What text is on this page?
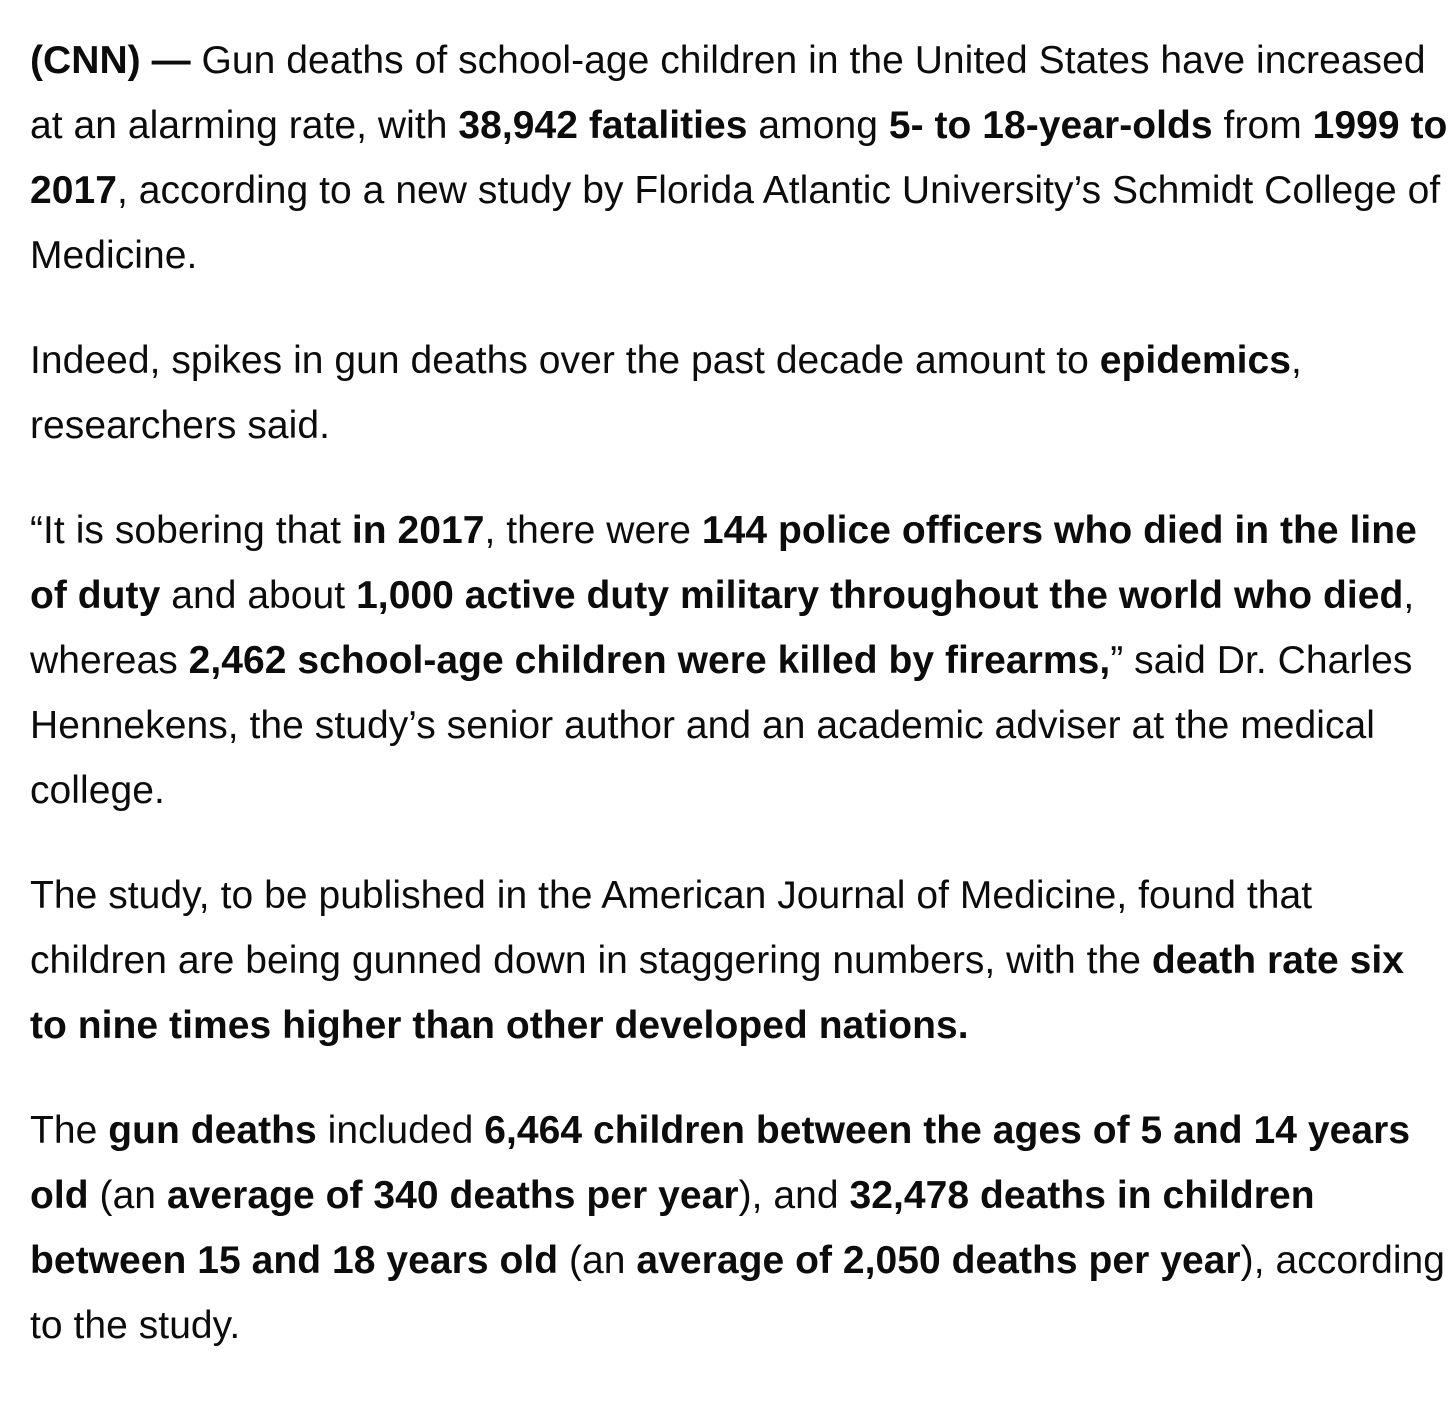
(CNN) — Gun deaths of school-age children in the United States have increased at an alarming rate, with 38,942 fatalities among 5- to 18-year-olds from 1999 to 2017, according to a new study by Florida Atlantic University’s Schmidt College of Medicine.

Indeed, spikes in gun deaths over the past decade amount to epidemics, researchers said.

“It is sobering that in 2017, there were 144 police officers who died in the line of duty and about 1,000 active duty military throughout the world who died, whereas 2,462 school-age children were killed by firearms,” said Dr. Charles Hennekens, the study’s senior author and an academic adviser at the medical college.

The study, to be published in the American Journal of Medicine, found that children are being gunned down in staggering numbers, with the death rate six to nine times higher than other developed nations.

The gun deaths included 6,464 children between the ages of 5 and 14 years old (an average of 340 deaths per year), and 32,478 deaths in children between 15 and 18 years old (an average of 2,050 deaths per year), according to the study.
